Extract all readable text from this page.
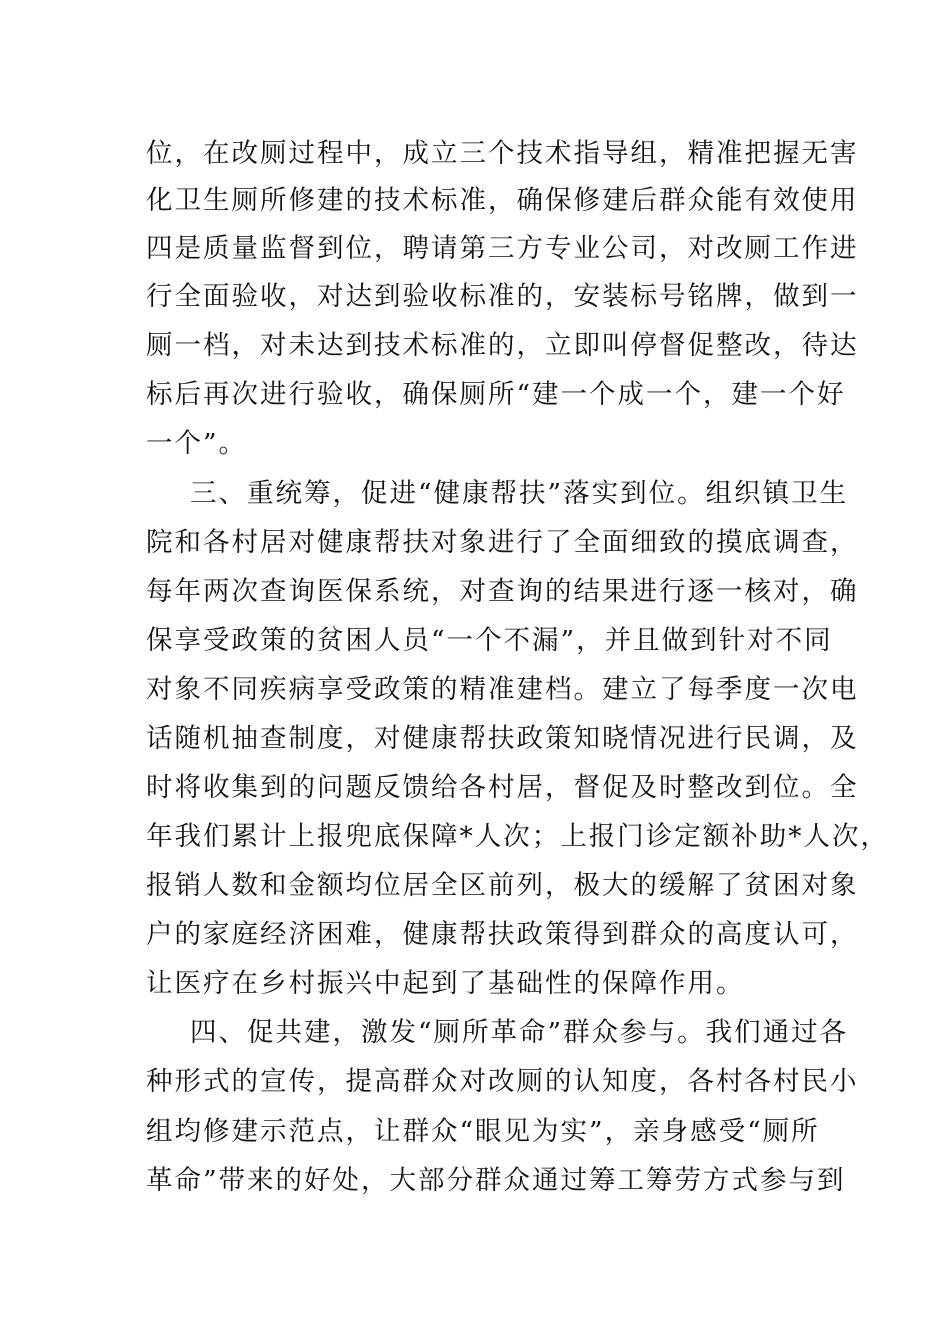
位，在改厕过程中，成立三个技术指导组，精准把握无害
化卫生厕所修建的技术标准，确保修建后群众能有效使用
四是质量监督到位，聘请第三方专业公司，对改厕工作进
行全面验收，对达到验收标准的，安装标号铭牌，做到一
厕一档，对未达到技术标准的，立即叫停督促整改，待达
标后再次进行验收，确保厕所“建一个成一个，建一个好
一个”。
三、重统筹，促进“健康帮扶”落实到位。组织镇卫生
院和各村居对健康帮扶对象进行了全面细致的摸底调查，
每年两次查询医保系统，对查询的结果进行逐一核对，确
保享受政策的贫困人员“一个不漏”，并且做到针对不同
对象不同疾病享受政策的精准建档。建立了每季度一次电
话随机抽查制度，对健康帮扶政策知晓情况进行民调，及
时将收集到的问题反馈给各村居，督促及时整改到位。全
年我们累计上报兜底保障*人次；上报门诊定额补助*人次，
报销人数和金额均位居全区前列，极大的缓解了贫困对象
户的家庭经济困难，健康帮扶政策得到群众的高度认可，
让医疗在乡村振兴中起到了基础性的保障作用。
四、促共建，激发“厕所革命”群众参与。我们通过各
种形式的宣传，提高群众对改厕的认知度，各村各村民小
组均修建示范点，让群众“眼见为实”，亲身感受“厕所
革命”带来的好处，大部分群众通过筹工筹劳方式参与到
